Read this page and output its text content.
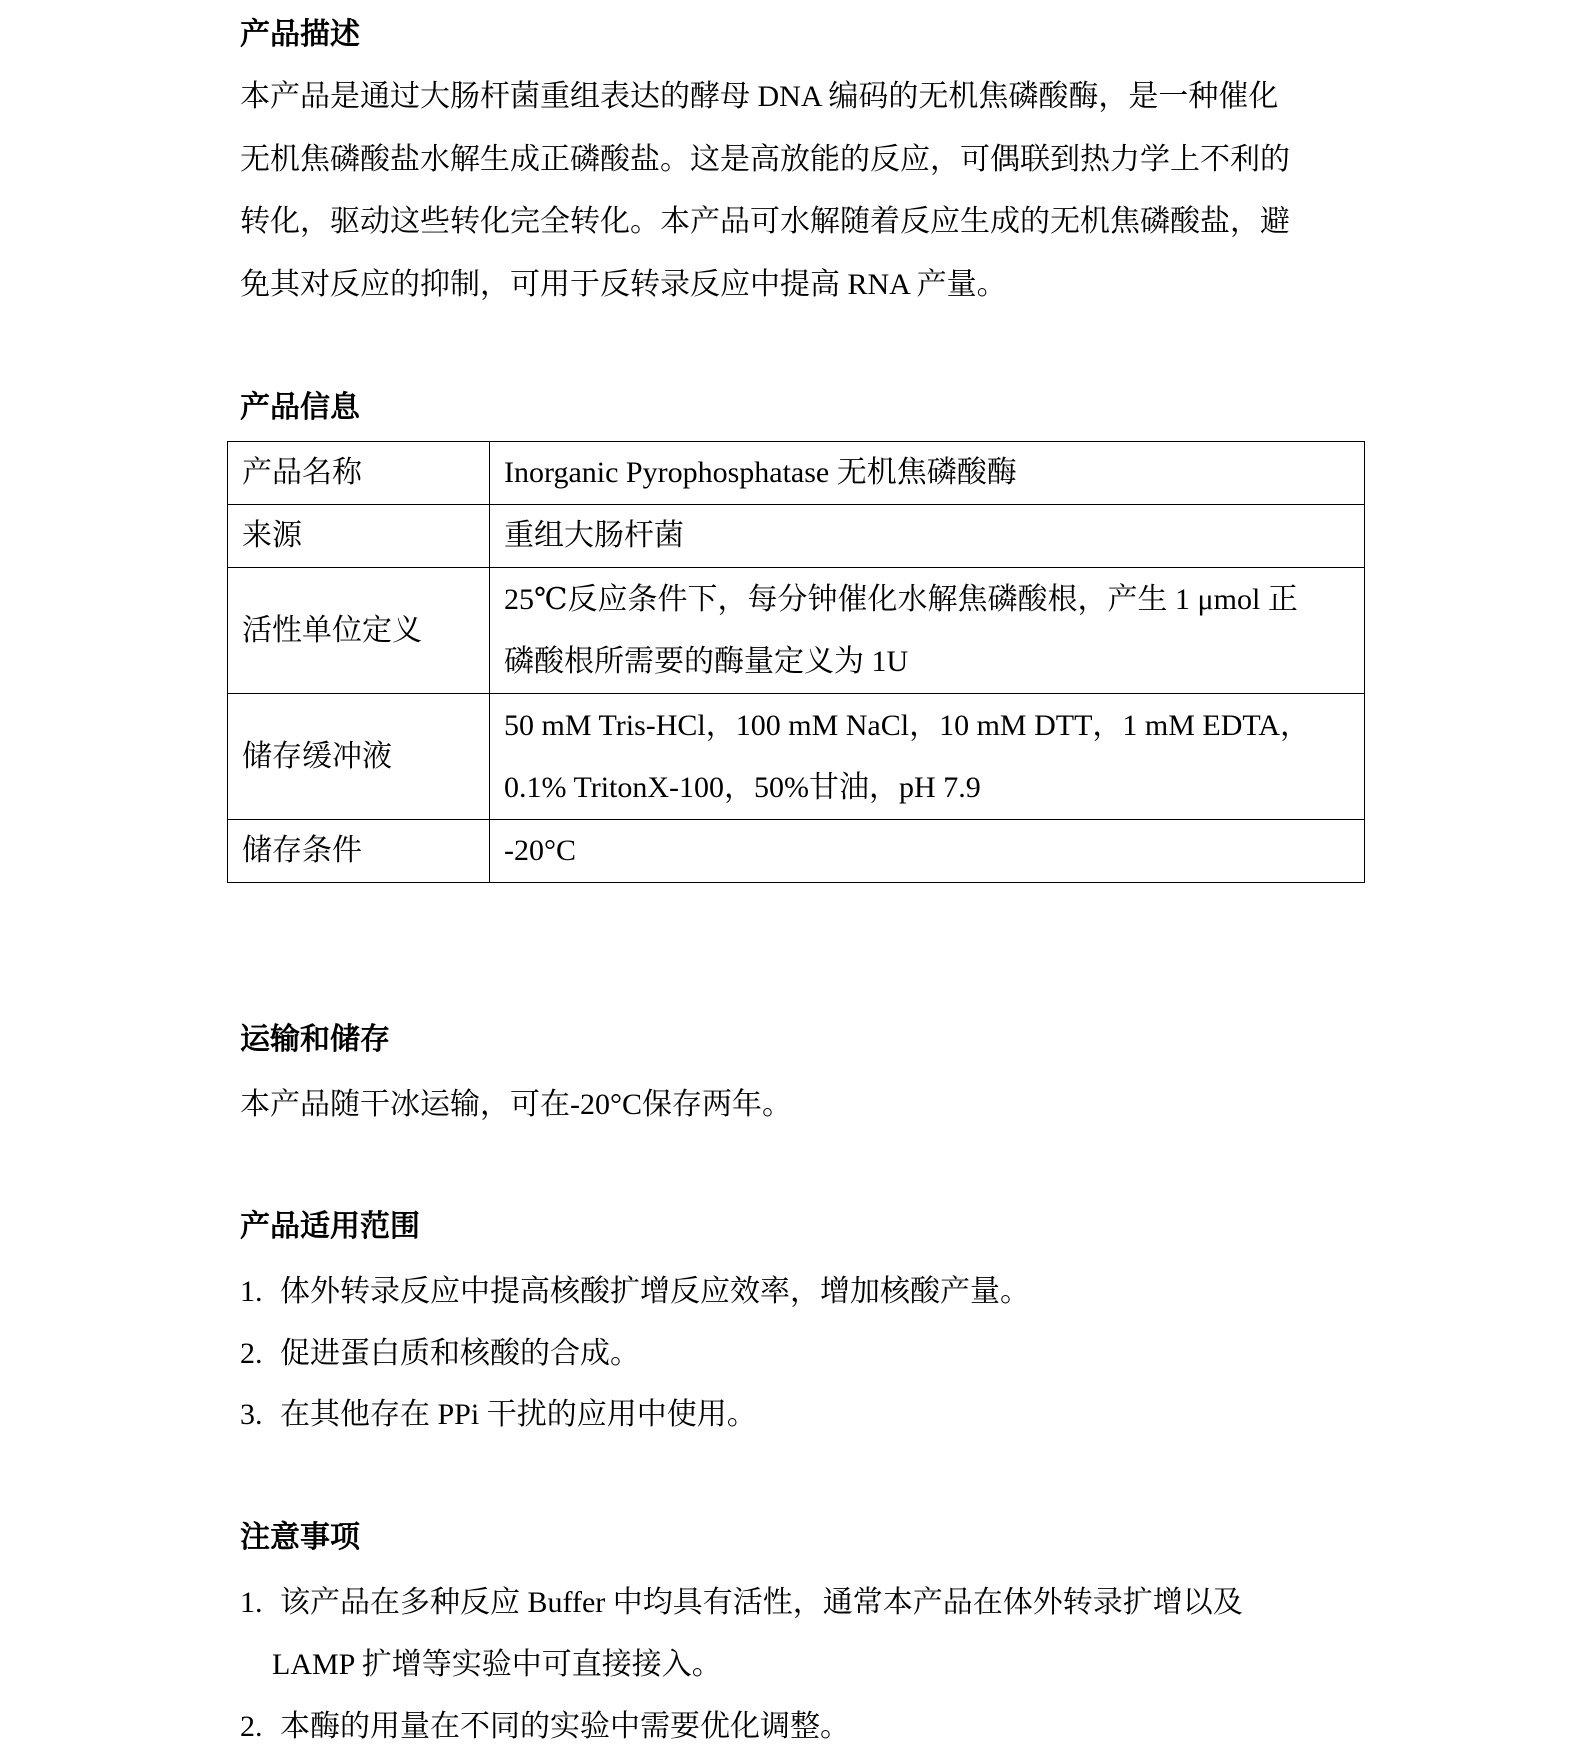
产品描述
本产品是通过大肠杆菌重组表达的酵母 DNA 编码的无机焦磷酸酶，是一种催化
无机焦磷酸盐水解生成正磷酸盐。这是高放能的反应，可偶联到热力学上不利的
转化，驱动这些转化完全转化。本产品可水解随着反应生成的无机焦磷酸盐，避
免其对反应的抑制，可用于反转录反应中提高 RNA 产量。
产品信息
产品名称	Inorganic Pyrophosphatase 无机焦磷酸酶

来源	重组大肠杆菌

活性单位定义	25℃反应条件下，每分钟催化水解焦磷酸根，产生 1 μmol 正
磷酸根所需要的酶量定义为 1U

储存缓冲液	50 mM Tris-HCl，100 mM NaCl，10 mM DTT，1 mM EDTA，
0.1% TritonX-100，50%甘油，pH 7.9

储存条件	-20°C
运输和储存

本产品随干冰运输，可在-20°C保存两年。

产品适用范围

1. 体外转录反应中提高核酸扩增反应效率，增加核酸产量。

2. 促进蛋白质和核酸的合成。

3. 在其他存在 PPi 干扰的应用中使用。

注意事项

1. 该产品在多种反应 Buffer 中均具有活性，通常本产品在体外转录扩增以及

LAMP 扩增等实验中可直接接入。

2. 本酶的用量在不同的实验中需要优化调整。
